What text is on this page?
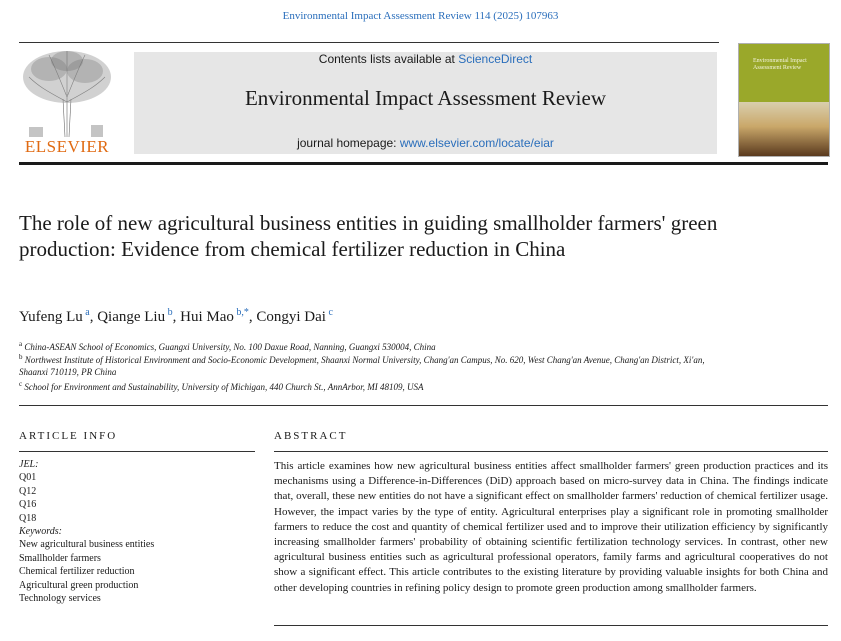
Environmental Impact Assessment Review 114 (2025) 107963
ELSEVIER
Contents lists available at ScienceDirect
Environmental Impact Assessment Review
journal homepage: www.elsevier.com/locate/eiar
Environmental Impact Assessment Review
The role of new agricultural business entities in guiding smallholder farmers' green production: Evidence from chemical fertilizer reduction in China
Yufeng Lu $^a$, Qiange Liu $^b$, Hui Mao $^{b,*}$, Congyi Dai $^c$
$^a$ China-ASEAN School of Economics, Guangxi University, No. 100 Daxue Road, Nanning, Guangxi 530004, China
$^b$ Northwest Institute of Historical Environment and Socio-Economic Development, Shaanxi Normal University, Chang'an Campus, No. 620, West Chang'an Avenue, Chang'an District, Xi'an, Shaanxi 710119, PR China
$^c$ School for Environment and Sustainability, University of Michigan, 440 Church St., AnnArbor, MI 48109, USA
ARTICLE INFO
JEL:
Q01
Q12
Q16
Q18
Keywords:
New agricultural business entities
Smallholder farmers
Chemical fertilizer reduction
Agricultural green production
Technology services
ABSTRACT
This article examines how new agricultural business entities affect smallholder farmers' green production practices and its mechanisms using a Difference-in-Differences (DiD) approach based on micro-survey data in China. The findings indicate that, overall, these new entities do not have a significant effect on smallholder farmers' reduction of chemical fertilizer usage. However, the impact varies by the type of entity. Agricultural enterprises play a significant role in promoting smallholder farmers to reduce the cost and quantity of chemical fertilizer used and to improve their utilization efficiency by significantly increasing smallholder farmers' probability of obtaining scientific fertilization technology services. In contrast, other new agricultural business entities such as agricultural professional operators, family farms and agricultural cooperatives do not show a significant effect. This article contributes to the existing literature by providing valuable insights for both China and other developing countries in refining policy design to promote green production among smallholder farmers.
